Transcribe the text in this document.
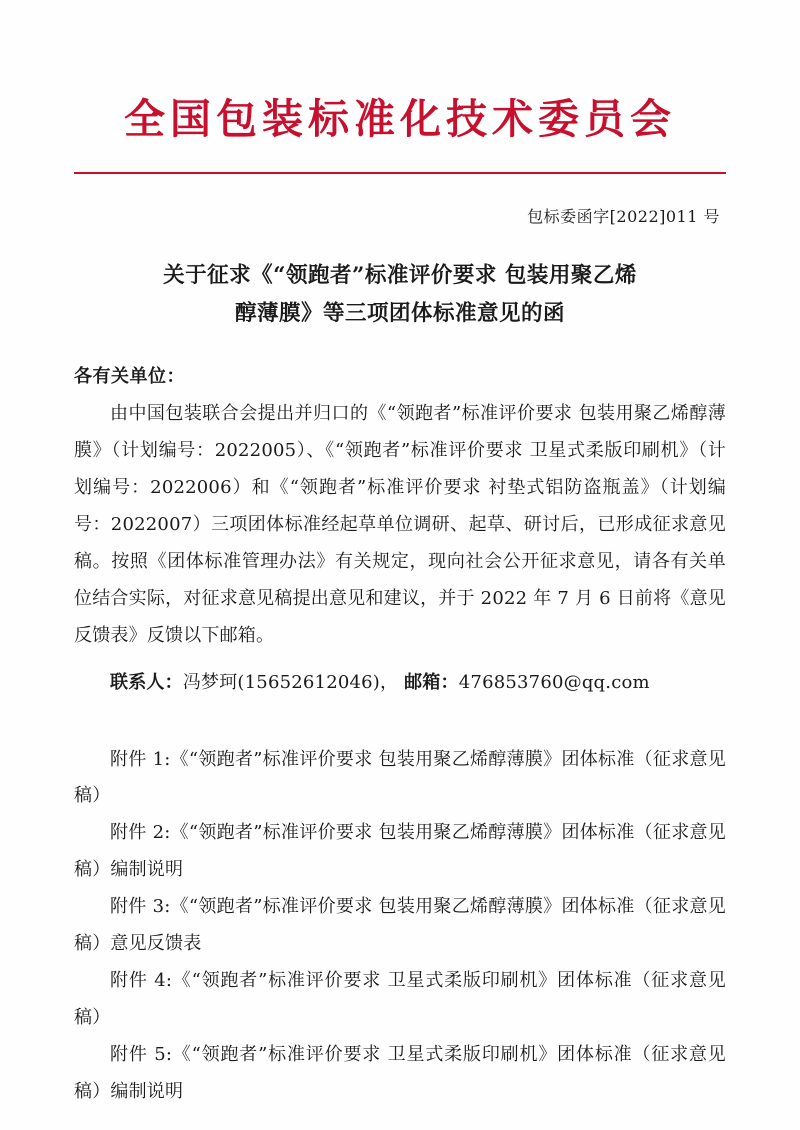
全国包装标准化技术委员会
包标委函字[2022]011 号
关于征求《“领跑者”标准评价要求 包装用聚乙烯
醇薄膜》等三项团体标准意见的函
各有关单位：
由中国包装联合会提出并归口的《“领跑者”标准评价要求 包装用聚乙烯醇薄膜》（计划编号：2022005）、《“领跑者”标准评价要求 卫星式柔版印刷机》（计划编号：2022006）和《“领跑者”标准评价要求 衬垫式铝防盗瓶盖》（计划编号：2022007）三项团体标准经起草单位调研、起草、研讨后，已形成征求意见稿。按照《团体标准管理办法》有关规定，现向社会公开征求意见，请各有关单位结合实际，对征求意见稿提出意见和建议，并于 2022 年 7 月 6 日前将《意见反馈表》反馈以下邮箱。
联系人：冯梦珂(15652612046)， 邮箱：476853760@qq.com
附件 1:《“领跑者”标准评价要求 包装用聚乙烯醇薄膜》团体标准（征求意见稿）
附件 2:《“领跑者”标准评价要求 包装用聚乙烯醇薄膜》团体标准（征求意见稿）编制说明
附件 3:《“领跑者”标准评价要求 包装用聚乙烯醇薄膜》团体标准（征求意见稿）意见反馈表
附件 4:《“领跑者”标准评价要求 卫星式柔版印刷机》团体标准（征求意见稿）
附件 5:《“领跑者”标准评价要求 卫星式柔版印刷机》团体标准（征求意见稿）编制说明
